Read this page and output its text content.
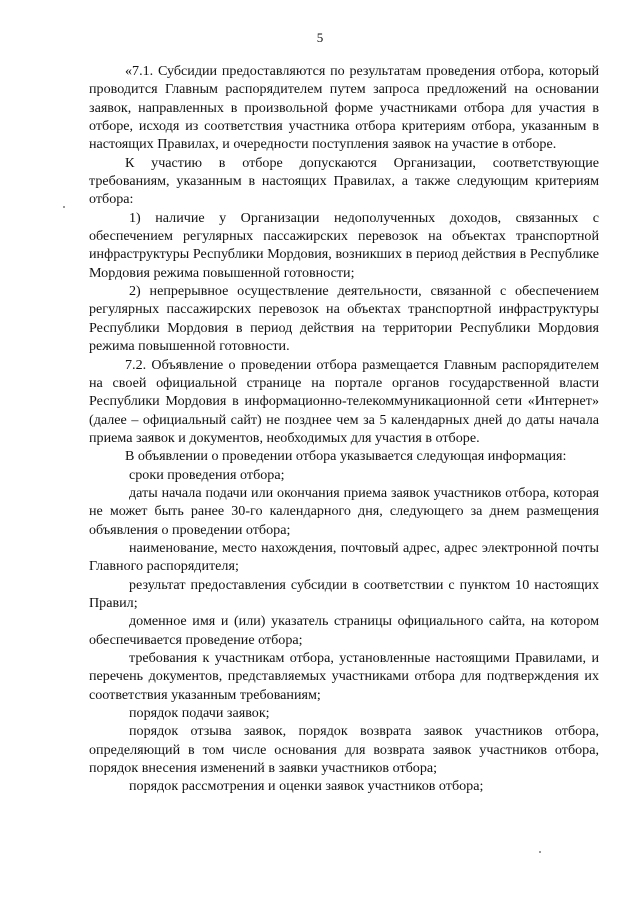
5

«7.1. Субсидии предоставляются по результатам проведения отбора, который проводится Главным распорядителем путем запроса предложений на основании заявок, направленных в произвольной форме участниками отбора для участия в отборе, исходя из соответствия участника отбора критериям отбора, указанным в настоящих Правилах, и очередности поступления заявок на участие в отборе.

К участию в отборе допускаются Организации, соответствующие требованиям, указанным в настоящих Правилах, а также следующим критериям отбора:

1) наличие у Организации недополученных доходов, связанных с обеспечением регулярных пассажирских перевозок на объектах транспортной инфраструктуры Республики Мордовия, возникших в период действия в Республике Мордовия режима повышенной готовности;

2) непрерывное осуществление деятельности, связанной с обеспечением регулярных пассажирских перевозок на объектах транспортной инфраструктуры Республики Мордовия в период действия на территории Республики Мордовия режима повышенной готовности.

7.2. Объявление о проведении отбора размещается Главным распорядителем на своей официальной странице на портале органов государственной власти Республики Мордовия в информационно-телекоммуникационной сети «Интернет» (далее – официальный сайт) не позднее чем за 5 календарных дней до даты начала приема заявок и документов, необходимых для участия в отборе.

В объявлении о проведении отбора указывается следующая информация:

сроки проведения отбора;

даты начала подачи или окончания приема заявок участников отбора, которая не может быть ранее 30-го календарного дня, следующего за днем размещения объявления о проведении отбора;

наименование, место нахождения, почтовый адрес, адрес электронной почты Главного распорядителя;

результат предоставления субсидии в соответствии с пунктом 10 настоящих Правил;

доменное имя и (или) указатель страницы официального сайта, на котором обеспечивается проведение отбора;

требования к участникам отбора, установленные настоящими Правилами, и перечень документов, представляемых участниками отбора для подтверждения их соответствия указанным требованиям;

порядок подачи заявок;

порядок отзыва заявок, порядок возврата заявок участников отбора, определяющий в том числе основания для возврата заявок участников отбора, порядок внесения изменений в заявки участников отбора;

порядок рассмотрения и оценки заявок участников отбора;
